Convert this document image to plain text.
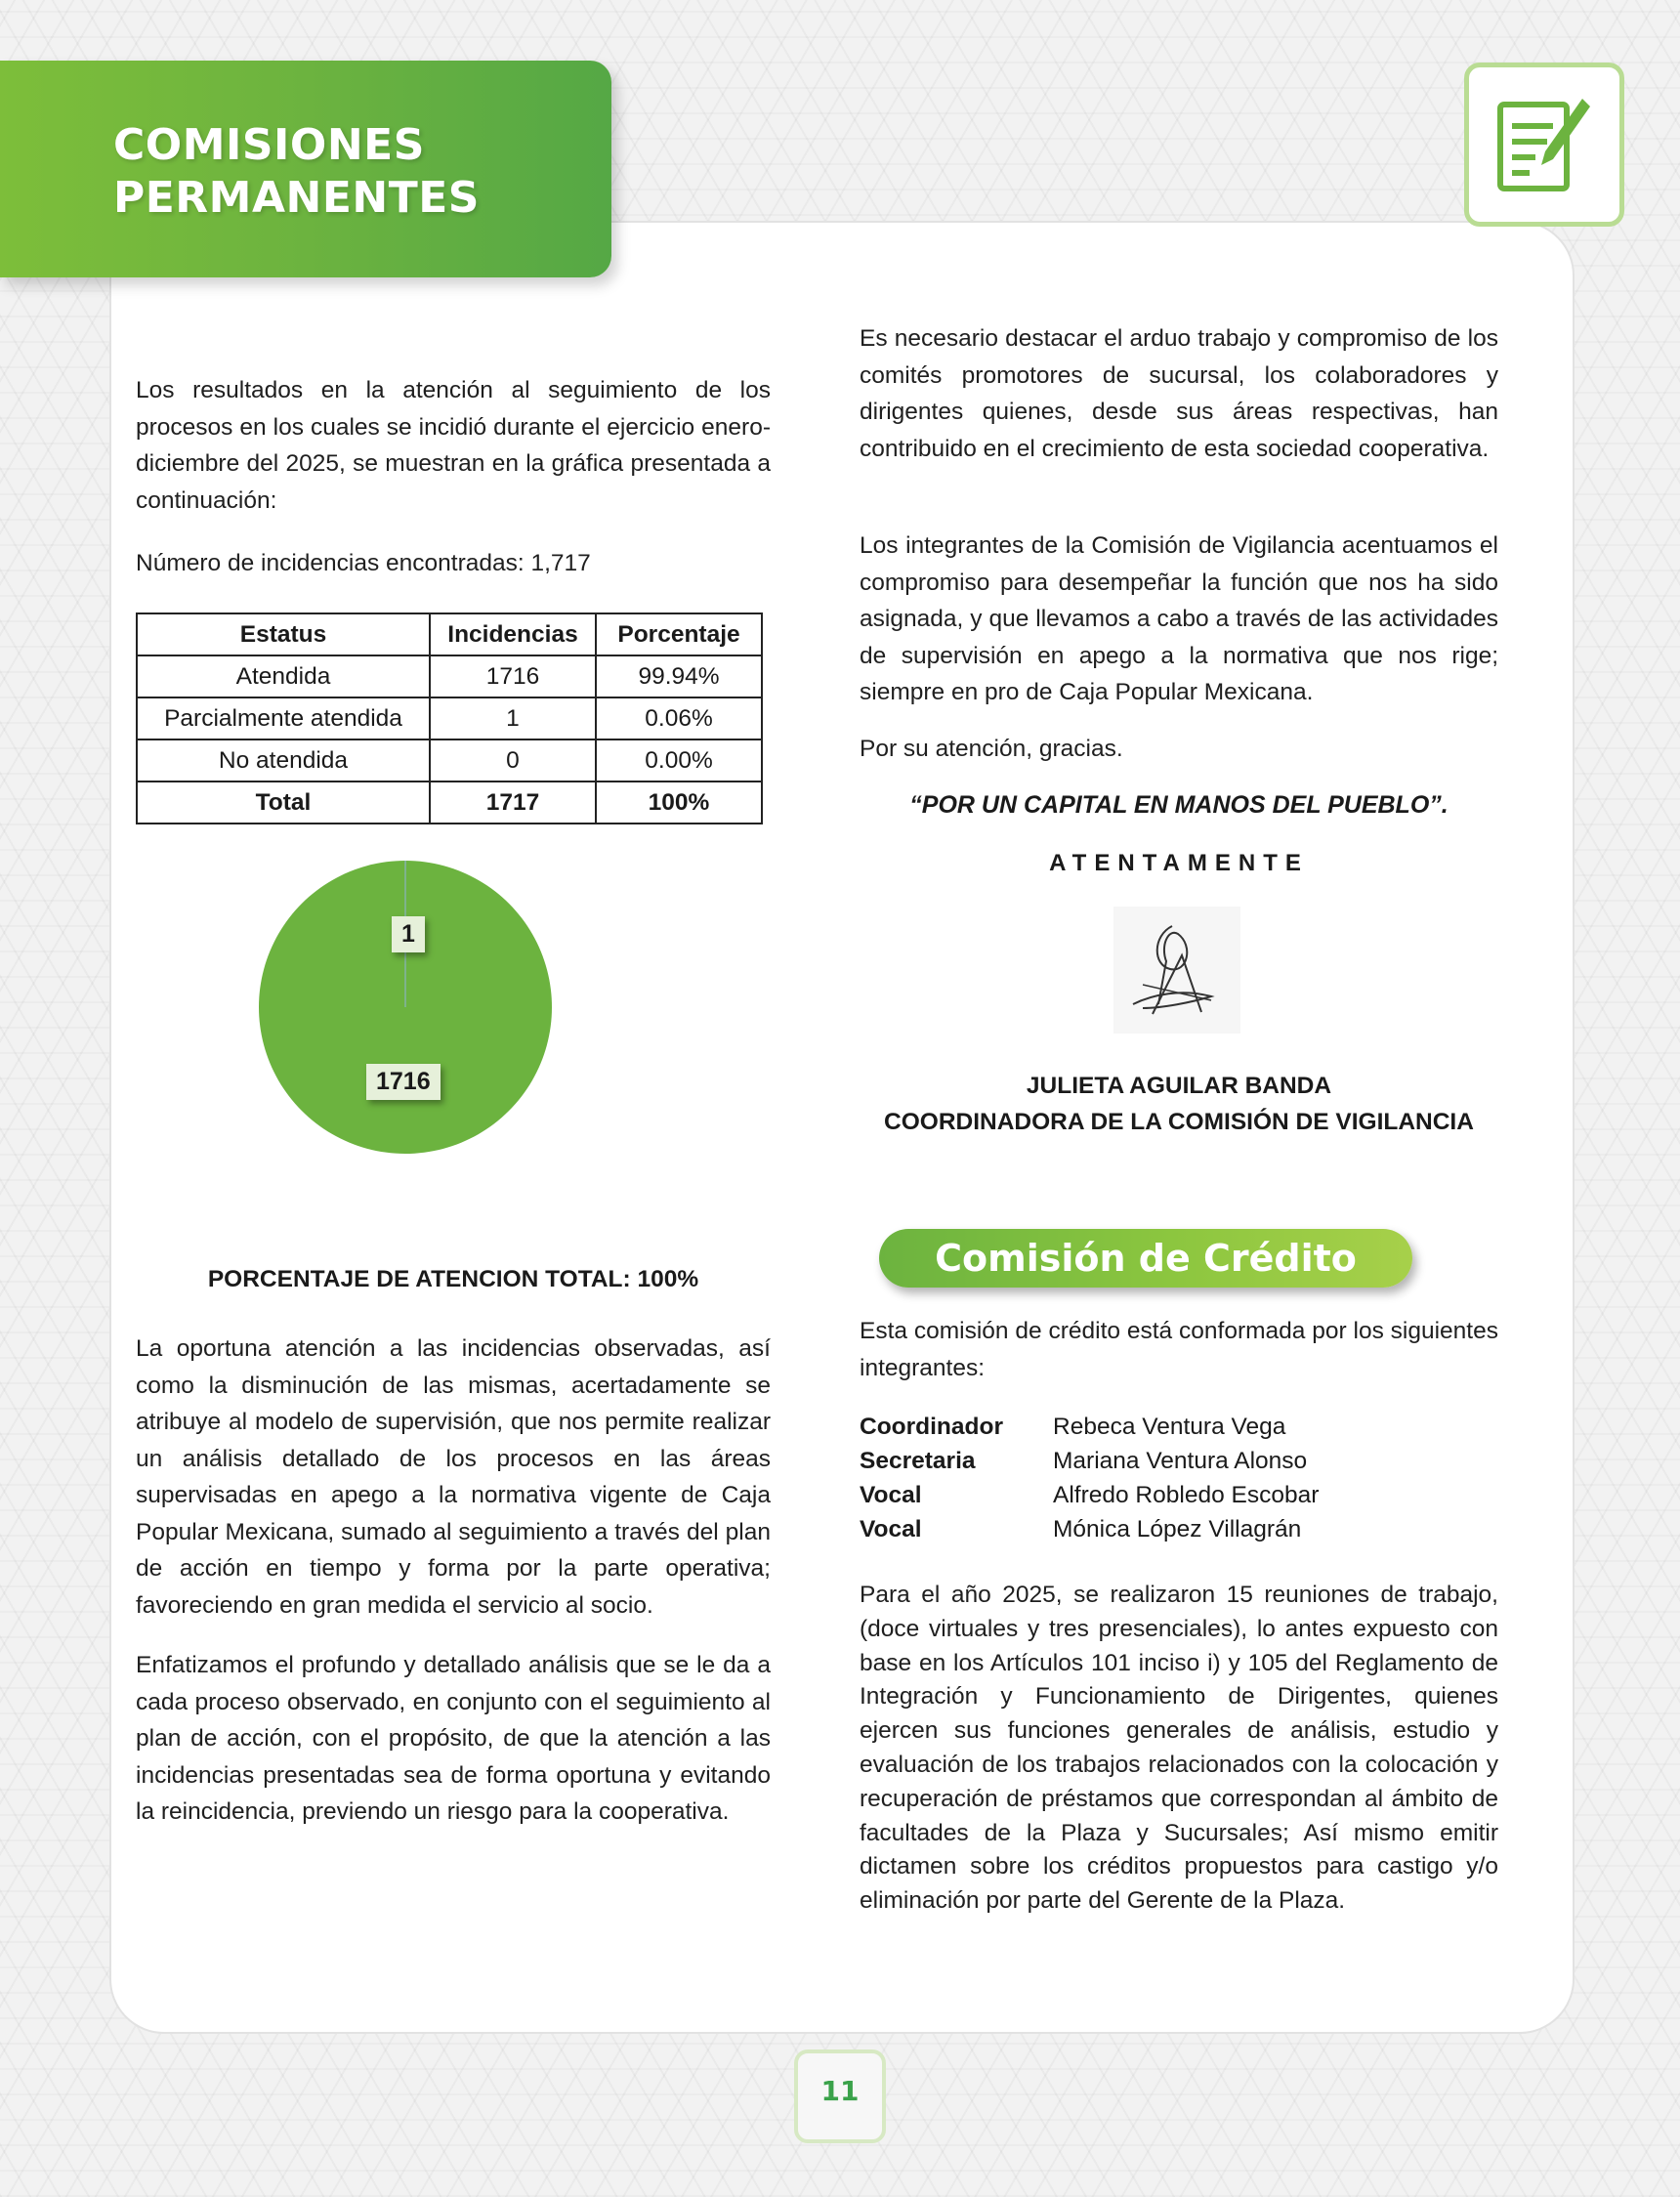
COMISIONES PERMANENTES
Los resultados en la atención al seguimiento de los procesos en los cuales se incidió durante el ejercicio enero-diciembre del 2025, se muestran en la gráfica presentada a continuación:
Número de incidencias encontradas: 1,717
Estatus	Incidencias	Porcentaje
Atendida	1716	99.94%
Parcialmente atendida	1	0.06%
No atendida	0	0.00%
Total	1717	100%
1
1716
PORCENTAJE DE ATENCION TOTAL: 100%
La oportuna atención a las incidencias observadas, así como la disminución de las mismas, acertadamente se atribuye al modelo de supervisión, que nos permite realizar un análisis detallado de los procesos en las áreas supervisadas en apego a la normativa vigente de Caja Popular Mexicana, sumado al seguimiento a través del plan de acción en tiempo y forma por la parte operativa; favoreciendo en gran medida el servicio al socio.
Enfatizamos el profundo y detallado análisis que se le da a cada proceso observado, en conjunto con el seguimiento al plan de acción, con el propósito, de que la atención a las incidencias presentadas sea de forma oportuna y evitando la reincidencia, previendo un riesgo para la cooperativa.
Es necesario destacar el arduo trabajo y compromiso de los comités promotores de sucursal, los colaboradores y dirigentes quienes, desde sus áreas respectivas, han contribuido en el crecimiento de esta sociedad cooperativa.
Los integrantes de la Comisión de Vigilancia acentuamos el compromiso para desempeñar la función que nos ha sido asignada, y que llevamos a cabo a través de las actividades de supervisión en apego a la normativa que nos rige; siempre en pro de Caja Popular Mexicana.
Por su atención, gracias.
“POR UN CAPITAL EN MANOS DEL PUEBLO”.
ATENTAMENTE
JULIETA AGUILAR BANDA
COORDINADORA DE LA COMISIÓN DE VIGILANCIA
Comisión de Crédito
Esta comisión de crédito está conformada por los siguientes integrantes:
Coordinador	Rebeca Ventura Vega
Secretaria	Mariana Ventura Alonso
Vocal	Alfredo Robledo Escobar
Vocal	Mónica López Villagrán
Para el año 2025, se realizaron 15 reuniones de trabajo, (doce virtuales y tres presenciales), lo antes expuesto con base en los Artículos 101 inciso i) y 105 del Reglamento de Integración y Funcionamiento de Dirigentes, quienes ejercen sus funciones generales de análisis, estudio y evaluación de los trabajos relacionados con la colocación y recuperación de préstamos que correspondan al ámbito de facultades de la Plaza y Sucursales; Así mismo emitir dictamen sobre los créditos propuestos para castigo y/o eliminación por parte del Gerente de la Plaza.
11
